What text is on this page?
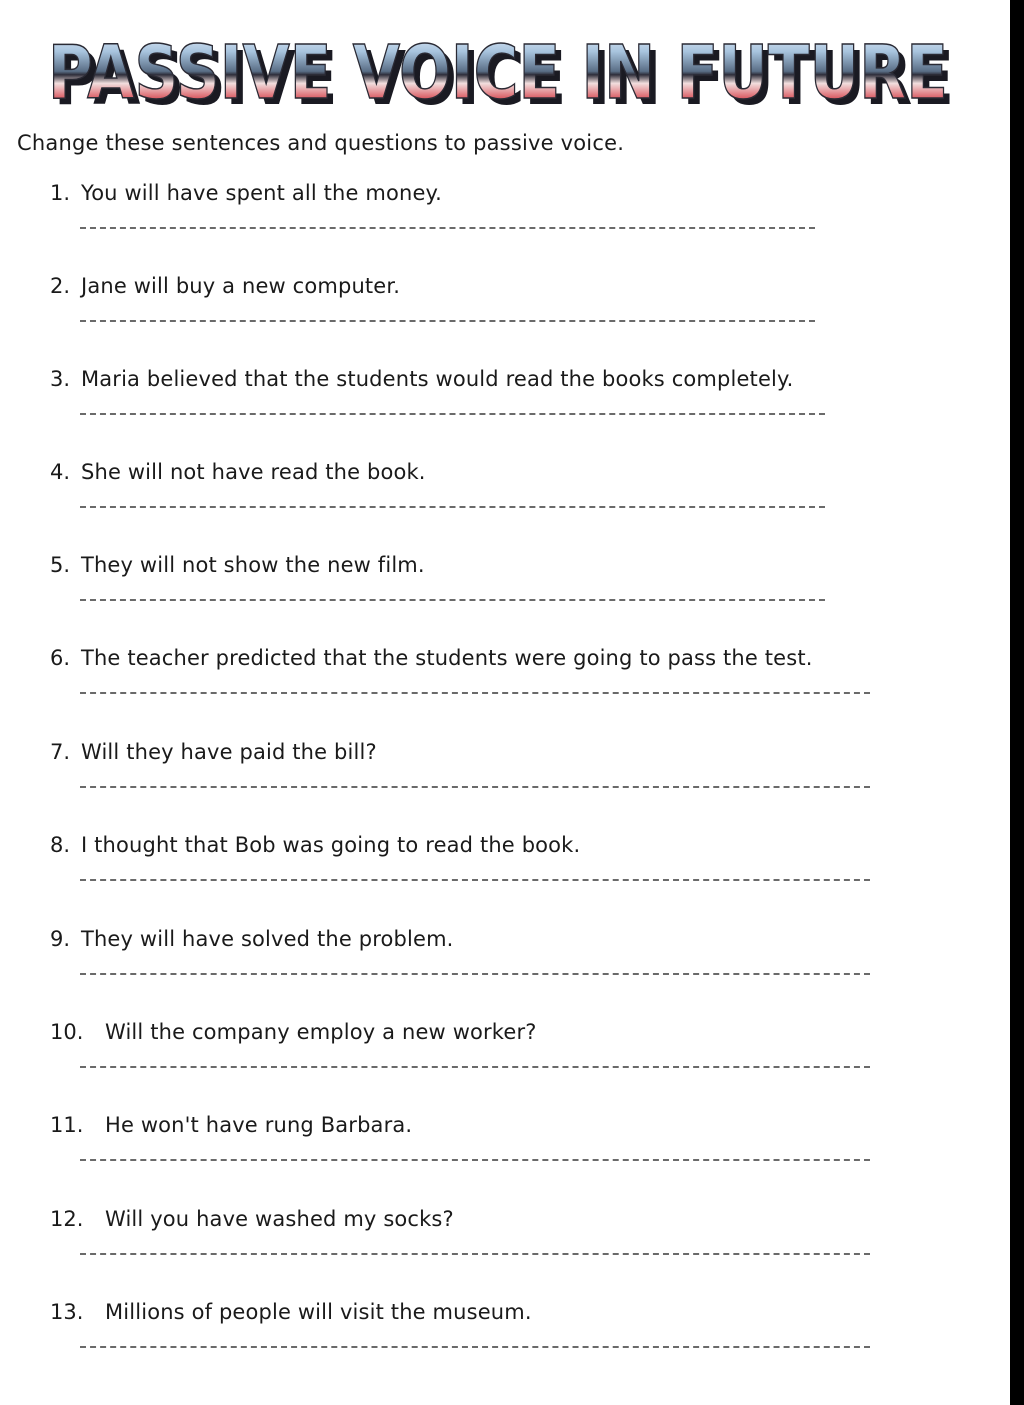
PASSIVE VOICE IN FUTURE
PASSIVE VOICE IN FUTURE
Change these sentences and questions to passive voice.
1. You will have spent all the money.
2. Jane will buy a new computer.
3. Maria believed that the students would read the books completely.
4. She will not have read the book.
5. They will not show the new film.
6. The teacher predicted that the students were going to pass the test.
7. Will they have paid the bill?
8. I thought that Bob was going to read the book.
9. They will have solved the problem.
10. Will the company employ a new worker?
11. He won't have rung Barbara.
12. Will you have washed my socks?
13. Millions of people will visit the museum.
